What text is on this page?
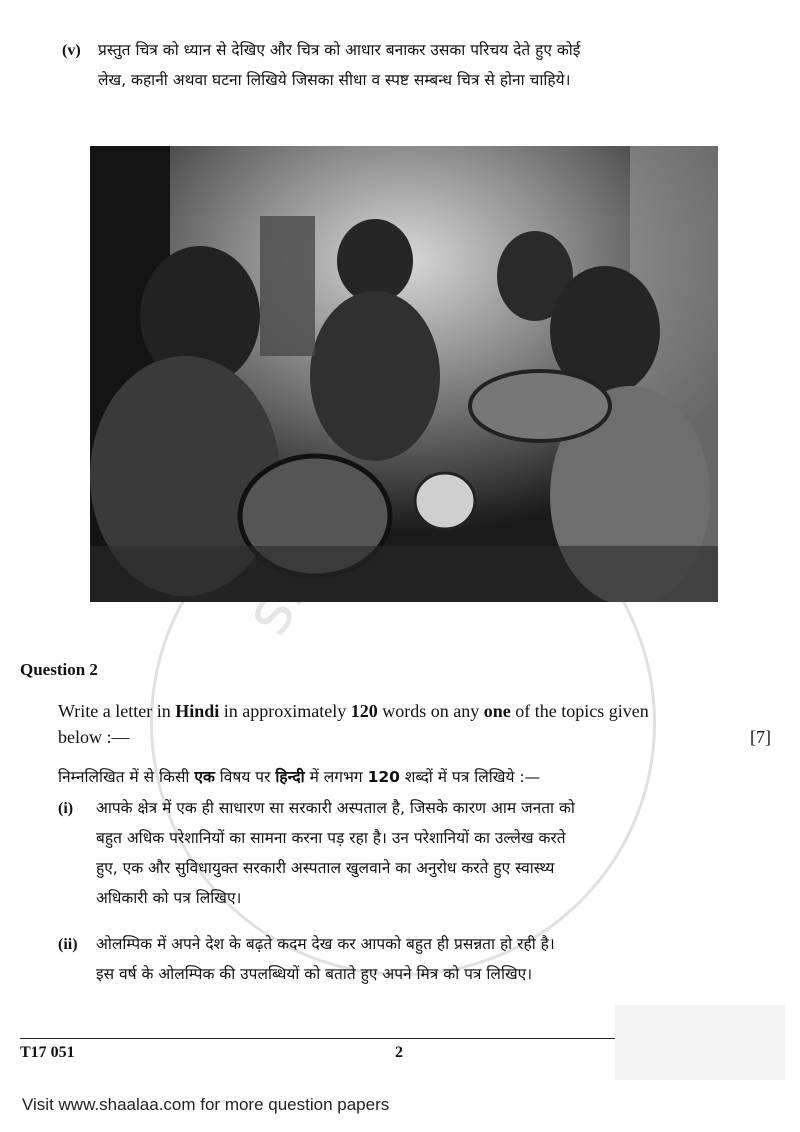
(v) प्रस्तुत चित्र को ध्यान से देखिए और चित्र को आधार बनाकर उसका परिचय देते हुए कोई
लेख, कहानी अथवा घटना लिखिये जिसका सीधा व स्पष्ट सम्बन्ध चित्र से होना चाहिये।
Question 2
Write a letter in Hindi in approximately 120 words on any one of the topics given
below :—	[7]
निम्नलिखित में से किसी एक विषय पर हिन्दी में लगभग 120 शब्दों में पत्र लिखिये :—
(i) आपके क्षेत्र में एक ही साधारण सा सरकारी अस्पताल है, जिसके कारण आम जनता को
बहुत अधिक परेशानियों का सामना करना पड़ रहा है। उन परेशानियों का उल्लेख करते
हुए, एक और सुविधायुक्त सरकारी अस्पताल खुलवाने का अनुरोध करते हुए स्वास्थ्य
अधिकारी को पत्र लिखिए।
(ii) ओलम्पिक में अपने देश के बढ़ते कदम देख कर आपको बहुत ही प्रसन्नता हो रही है।
इस वर्ष के ओलम्पिक की उपलब्धियों को बताते हुए अपने मित्र को पत्र लिखिए।
T17 051	2
Visit www.shaalaa.com for more question papers
